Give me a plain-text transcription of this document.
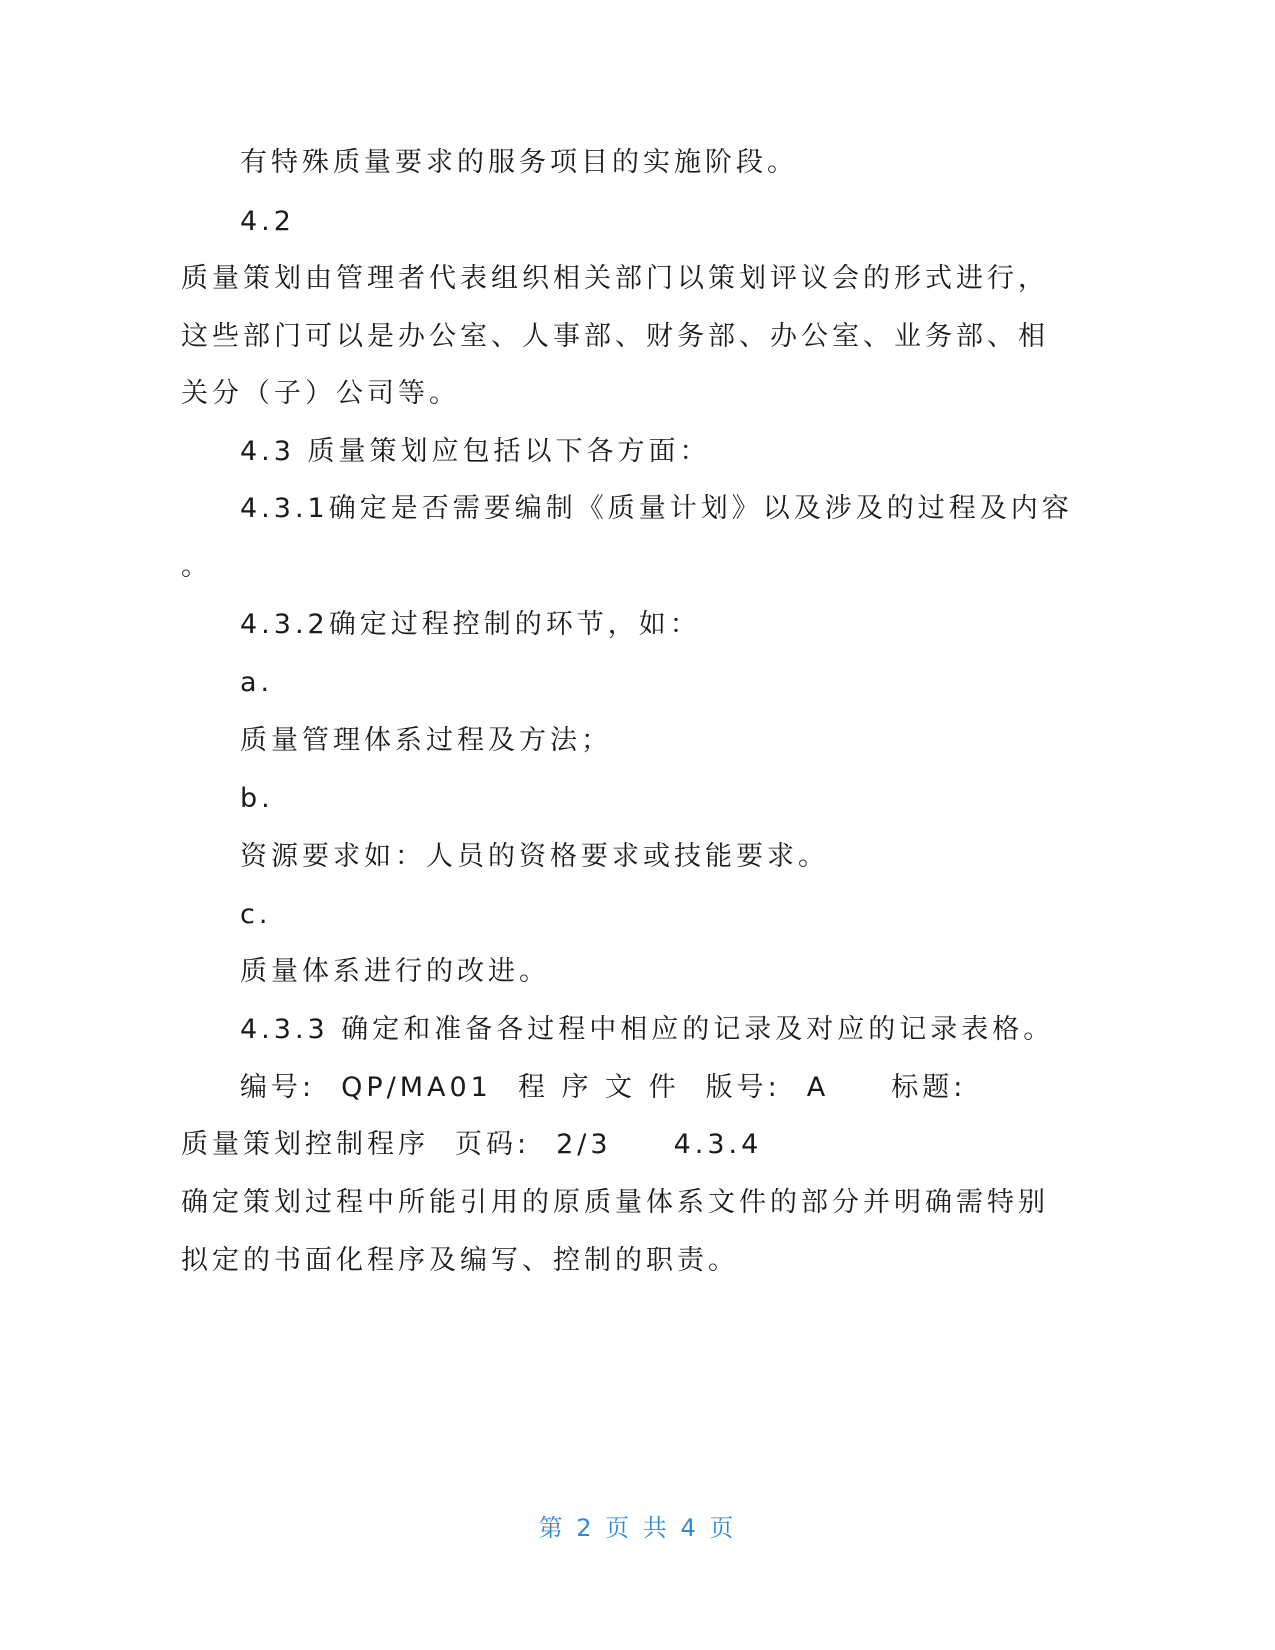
有特殊质量要求的服务项目的实施阶段。
4.2
质量策划由管理者代表组织相关部门以策划评议会的形式进行，
这些部门可以是办公室、人事部、财务部、办公室、业务部、相
关分（子）公司等。
4.3 质量策划应包括以下各方面：
4.3.1确定是否需要编制《质量计划》以及涉及的过程及内容
。
4.3.2确定过程控制的环节，如：
a.
质量管理体系过程及方法；
b.
资源要求如：人员的资格要求或技能要求。
c.
质量体系进行的改进。
4.3.3 确定和准备各过程中相应的记录及对应的记录表格。
编号: QP/MA01 程 序 文 件 版号: A 标题:
质量策划控制程序 页码: 2/3 4.3.4
确定策划过程中所能引用的原质量体系文件的部分并明确需特别
拟定的书面化程序及编写、控制的职责。
第 2 页 共 4 页
